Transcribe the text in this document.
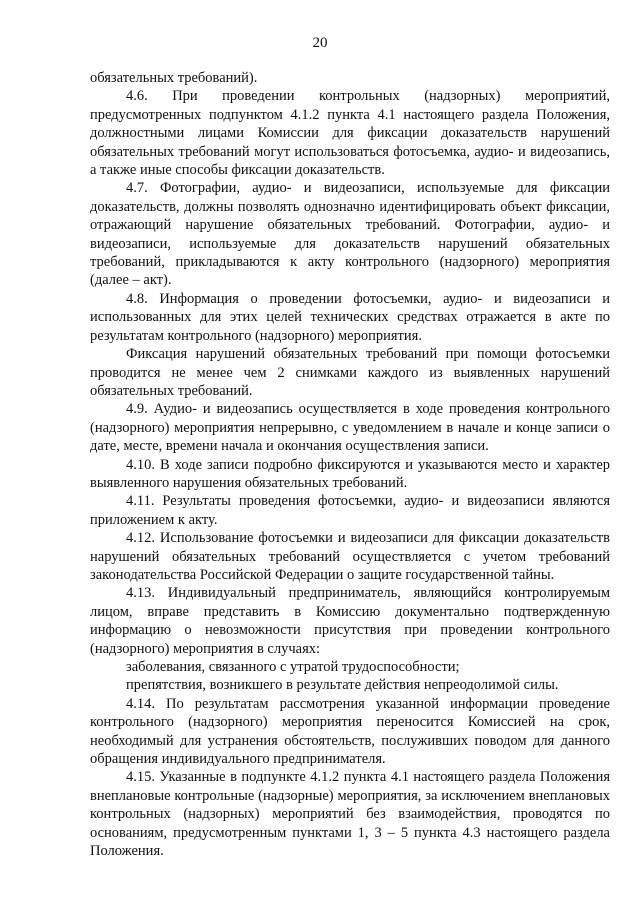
20

обязательных требований).

4.6. При проведении контрольных (надзорных) мероприятий, предусмотренных подпунктом 4.1.2 пункта 4.1 настоящего раздела Положения, должностными лицами Комиссии для фиксации доказательств нарушений обязательных требований могут использоваться фотосъемка, аудио- и видеозапись, а также иные способы фиксации доказательств.

4.7. Фотографии, аудио- и видеозаписи, используемые для фиксации доказательств, должны позволять однозначно идентифицировать объект фиксации, отражающий нарушение обязательных требований. Фотографии, аудио- и видеозаписи, используемые для доказательств нарушений обязательных требований, прикладываются к акту контрольного (надзорного) мероприятия (далее – акт).

4.8. Информация о проведении фотосъемки, аудио- и видеозаписи и использованных для этих целей технических средствах отражается в акте по результатам контрольного (надзорного) мероприятия.

Фиксация нарушений обязательных требований при помощи фотосъемки проводится не менее чем 2 снимками каждого из выявленных нарушений обязательных требований.

4.9. Аудио- и видеозапись осуществляется в ходе проведения контрольного (надзорного) мероприятия непрерывно, с уведомлением в начале и конце записи о дате, месте, времени начала и окончания осуществления записи.

4.10. В ходе записи подробно фиксируются и указываются место и характер выявленного нарушения обязательных требований.

4.11. Результаты проведения фотосъемки, аудио- и видеозаписи являются приложением к акту.

4.12. Использование фотосъемки и видеозаписи для фиксации доказательств нарушений обязательных требований осуществляется с учетом требований законодательства Российской Федерации о защите государственной тайны.

4.13. Индивидуальный предприниматель, являющийся контролируемым лицом, вправе представить в Комиссию документально подтвержденную информацию о невозможности присутствия при проведении контрольного (надзорного) мероприятия в случаях:

заболевания, связанного с утратой трудоспособности;

препятствия, возникшего в результате действия непреодолимой силы.

4.14. По результатам рассмотрения указанной информации проведение контрольного (надзорного) мероприятия переносится Комиссией на срок, необходимый для устранения обстоятельств, послуживших поводом для данного обращения индивидуального предпринимателя.

4.15. Указанные в подпункте 4.1.2 пункта 4.1 настоящего раздела Положения внеплановые контрольные (надзорные) мероприятия, за исключением внеплановых контрольных (надзорных) мероприятий без взаимодействия, проводятся по основаниям, предусмотренным пунктами 1, 3 – 5 пункта 4.3 настоящего раздела Положения.
